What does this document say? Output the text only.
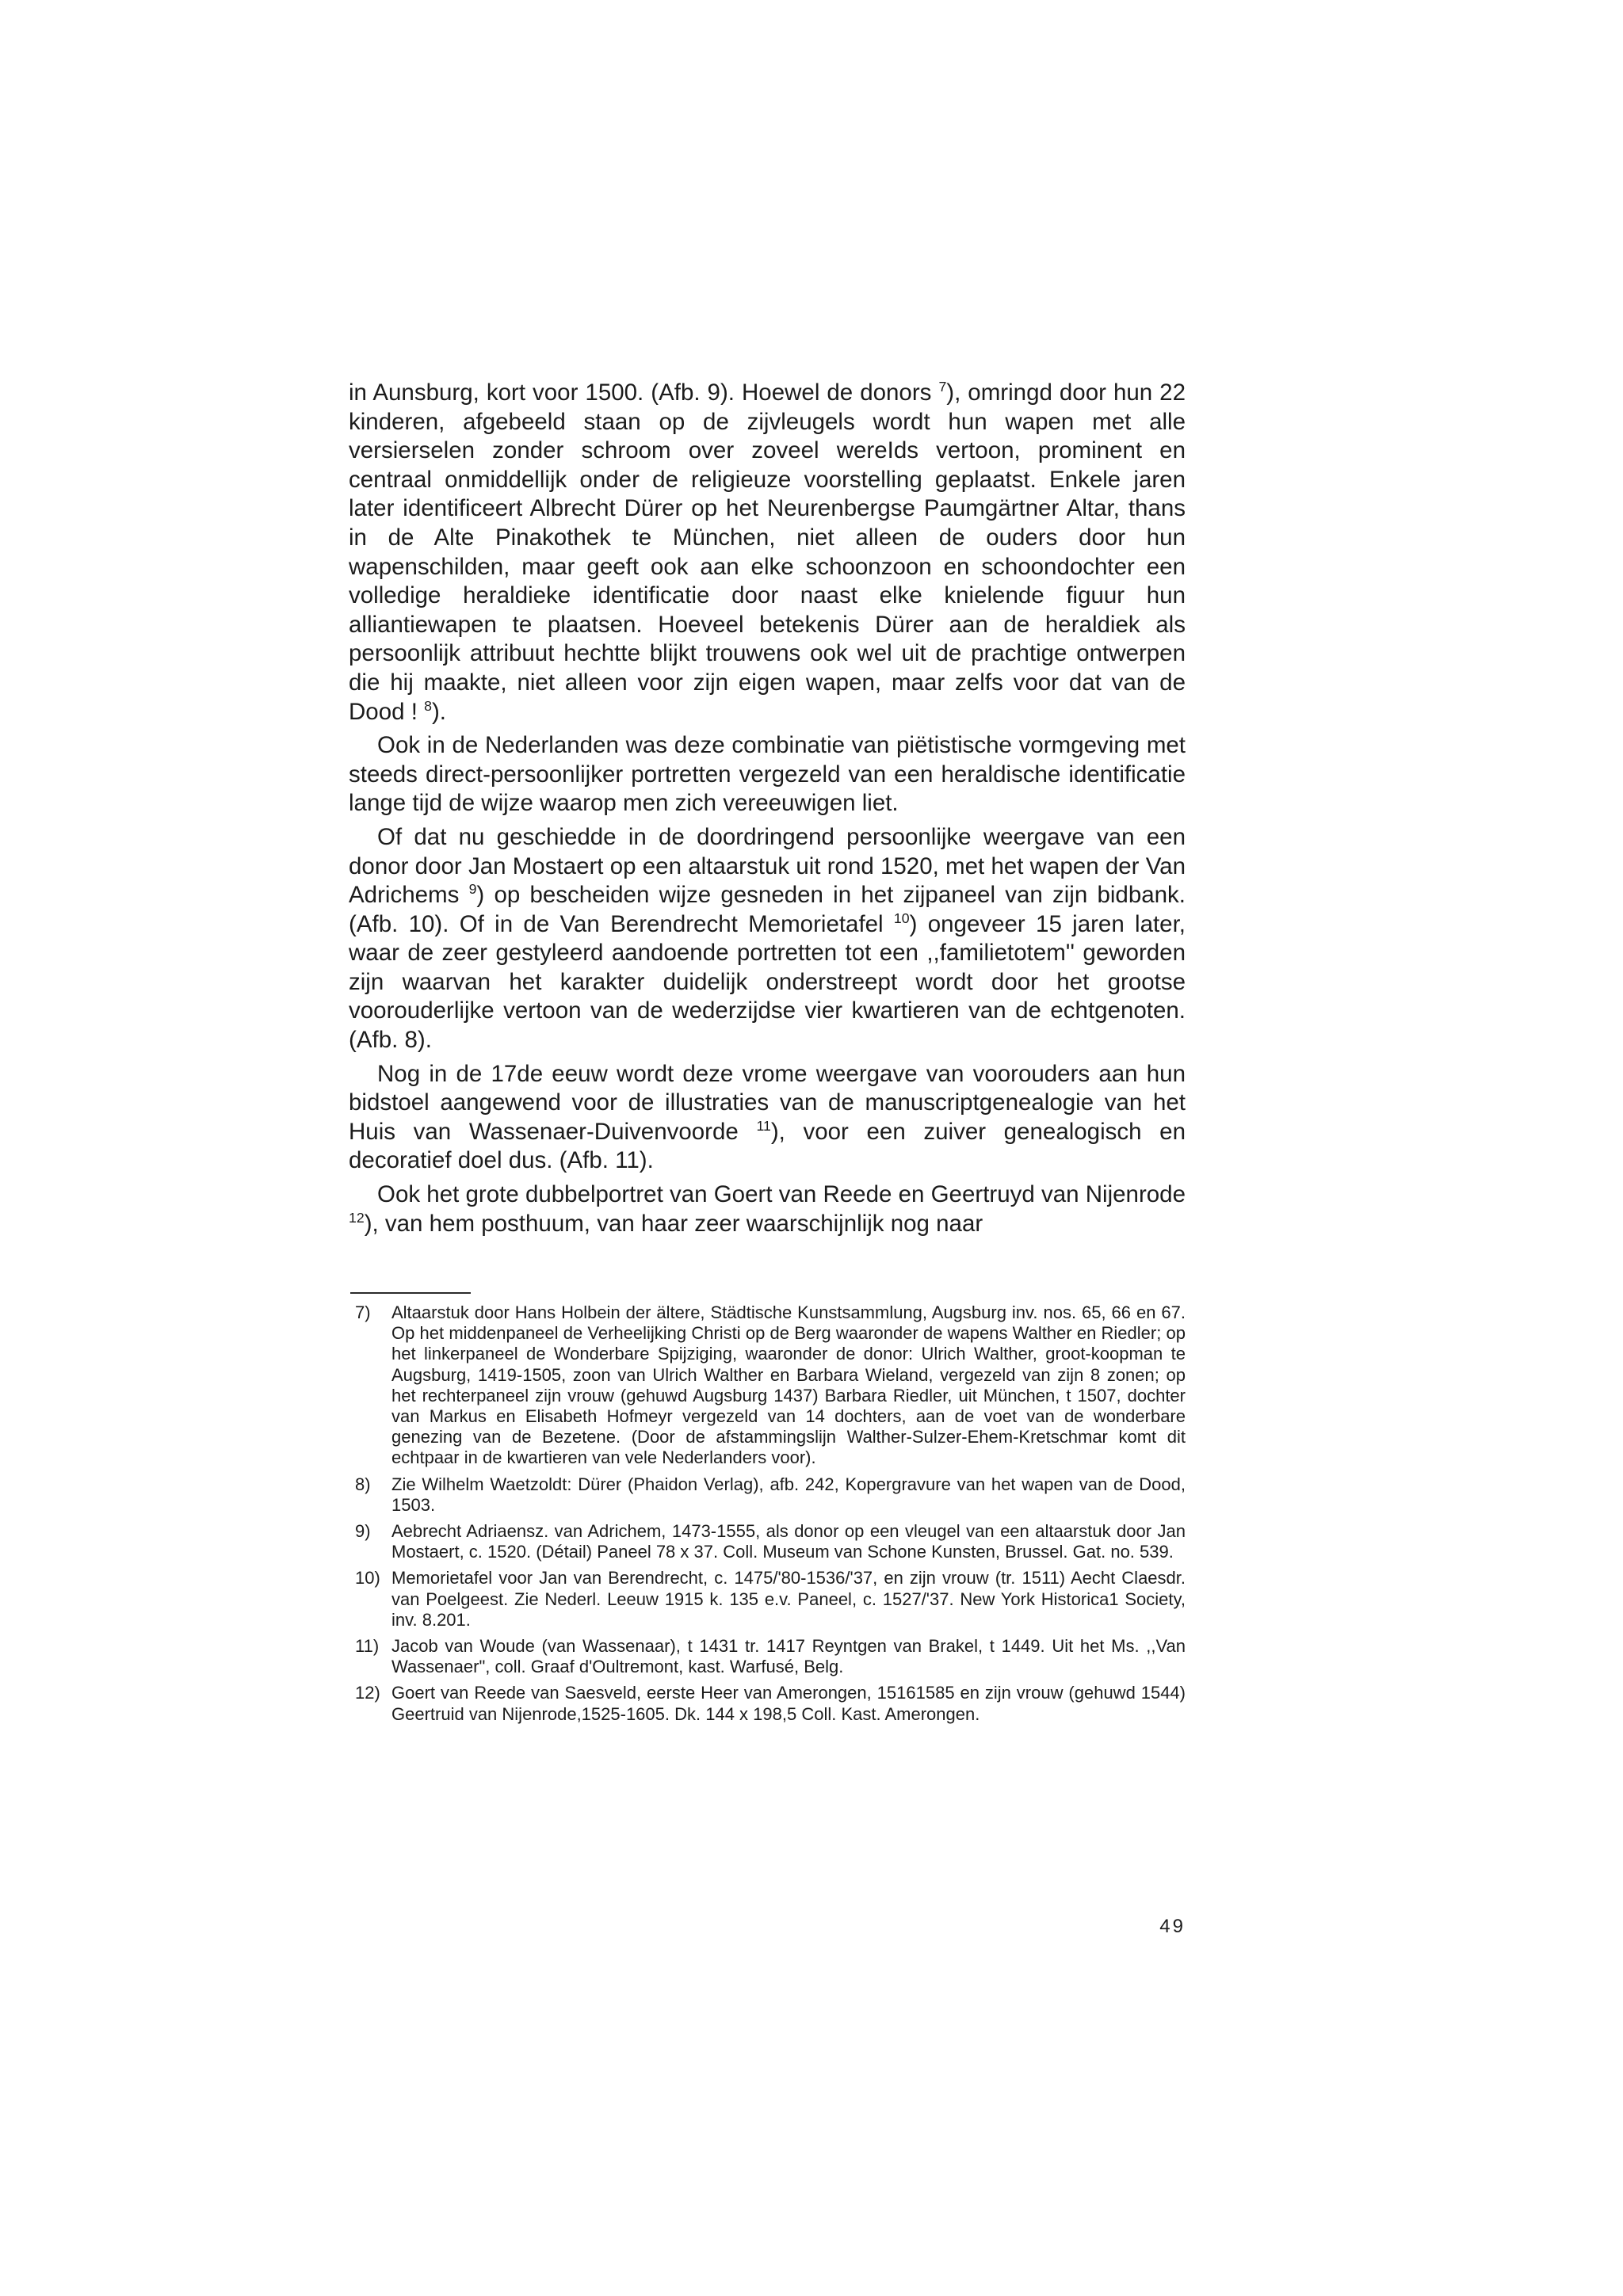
in Aunsburg, kort voor 1500. (Afb. 9). Hoewel de donors $^7$), omringd door hun 22 kinderen, afgebeeld staan op de zijvleugels wordt hun wapen met alle versierselen zonder schroom over zoveel wereIds vertoon, prominent en centraal onmiddellijk onder de religieuze voorstelling geplaatst. Enkele jaren later identificeert Albrecht Dürer op het Neurenbergse Paumgärtner Altar, thans in de Alte Pinakothek te München, niet alleen de ouders door hun wapenschilden, maar geeft ook aan elke schoonzoon en schoondochter een volledige heraldieke identificatie door naast elke knielende figuur hun alliantiewapen te plaatsen. Hoeveel betekenis Dürer aan de heraldiek als persoonlijk attribuut hechtte blijkt trouwens ook wel uit de prachtige ontwerpen die hij maakte, niet alleen voor zijn eigen wapen, maar zelfs voor dat van de Dood ! $^8$).

Ook in de Nederlanden was deze combinatie van piëtistische vormgeving met steeds direct-persoonlijker portretten vergezeld van een heraldische identificatie lange tijd de wijze waarop men zich vereeuwigen liet.

Of dat nu geschiedde in de doordringend persoonlijke weergave van een donor door Jan Mostaert op een altaarstuk uit rond 1520, met het wapen der Van Adrichems $^9$) op bescheiden wijze gesneden in het zijpaneel van zijn bidbank. (Afb. 10). Of in de Van Berendrecht Memorietafel $^{10}$) ongeveer 15 jaren later, waar de zeer gestyleerd aandoende portretten tot een ,,familietotem'' geworden zijn waarvan het karakter duidelijk onderstreept wordt door het grootse voorouderlijke vertoon van de wederzijdse vier kwartieren van de echtgenoten. (Afb. 8).

Nog in de 17de eeuw wordt deze vrome weergave van voorouders aan hun bidstoel aangewend voor de illustraties van de manuscriptgenealogie van het Huis van Wassenaer-Duivenvoorde $^{11}$), voor een zuiver genealogisch en decoratief doel dus. (Afb. 11).

Ook het grote dubbelportret van Goert van Reede en Geertruyd van Nijenrode $^{12}$), van hem posthuum, van haar zeer waarschijnlijk nog naar

7) Altaarstuk door Hans Holbein der ältere, Städtische Kunstsammlung, Augsburg inv. nos. 65, 66 en 67. Op het middenpaneel de Verheelijking Christi op de Berg waaronder de wapens Walther en Riedler; op het linkerpaneel de Wonderbare Spijziging, waaronder de donor: Ulrich Walther, groot-koopman te Augsburg, 1419-1505, zoon van Ulrich Walther en Barbara Wieland, vergezeld van zijn 8 zonen; op het rechterpaneel zijn vrouw (gehuwd Augsburg 1437) Barbara Riedler, uit München, t 1507, dochter van Markus en Elisabeth Hofmeyr vergezeld van 14 dochters, aan de voet van de wonderbare genezing van de Bezetene. (Door de afstammingslijn Walther-Sulzer-Ehem-Kretschmar komt dit echtpaar in de kwartieren van vele Nederlanders voor).
8) Zie Wilhelm Waetzoldt: Dürer (Phaidon Verlag), afb. 242, Kopergravure van het wapen van de Dood, 1503.
9) Aebrecht Adriaensz. van Adrichem, 1473-1555, als donor op een vleugel van een altaarstuk door Jan Mostaert, c. 1520. (Détail) Paneel 78 x 37. Coll. Museum van Schone Kunsten, Brussel. Gat. no. 539.
10) Memorietafel voor Jan van Berendrecht, c. 1475/'80-1536/'37, en zijn vrouw (tr. 1511) Aecht Claesdr. van Poelgeest. Zie Nederl. Leeuw 1915 k. 135 e.v. Paneel, c. 1527/'37. New York Historica1 Society, inv. 8.201.
11) Jacob van Woude (van Wassenaar), t 1431 tr. 1417 Reyntgen van Brakel, t 1449. Uit het Ms. ,,Van Wassenaer", coll. Graaf d'Oultremont, kast. Warfusé, Belg.
12) Goert van Reede van Saesveld, eerste Heer van Amerongen, 15161585 en zijn vrouw (gehuwd 1544) Geertruid van Nijenrode,1525-1605. Dk. 144 x 198,5 Coll. Kast. Amerongen.
49
